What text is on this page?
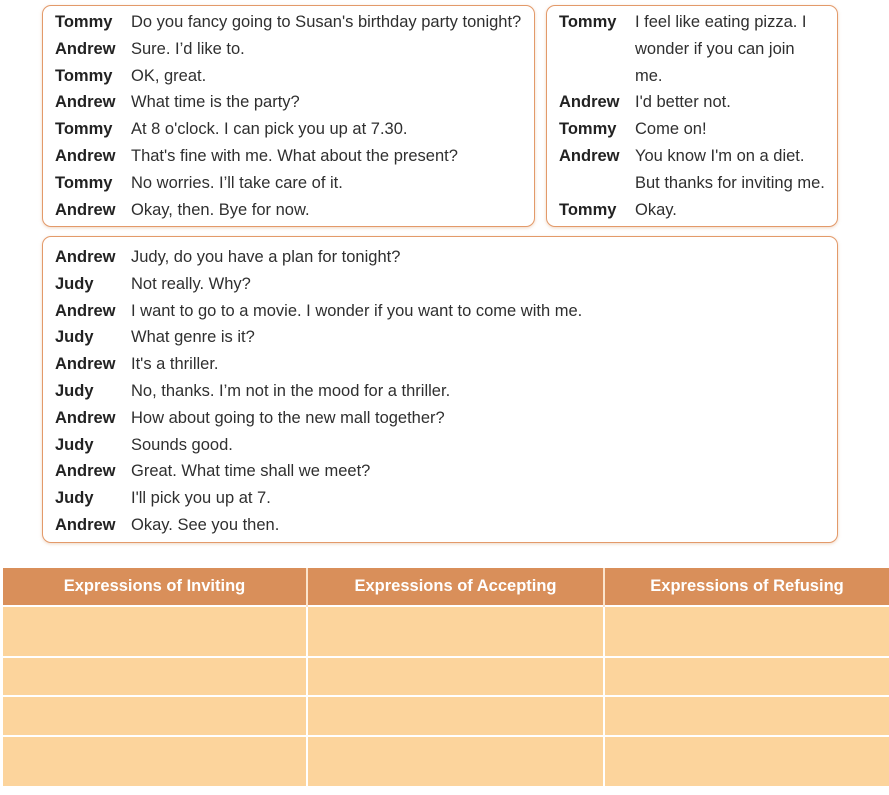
Tommy Do you fancy going to Susan's birthday party tonight?
Andrew Sure. I’d like to.
Tommy OK, great.
Andrew What time is the party?
Tommy At 8 o'clock. I can pick you up at 7.30.
Andrew That's fine with me. What about the present?
Tommy No worries. I’ll take care of it.
Andrew Okay, then. Bye for now.
Tommy I feel like eating pizza. I
wonder if you can join
me.
Andrew I'd better not.
Tommy Come on!
Andrew You know I'm on a diet.
But thanks for inviting me.
Tommy Okay.
Andrew Judy, do you have a plan for tonight?
Judy Not really. Why?
Andrew I want to go to a movie. I wonder if you want to come with me.
Judy What genre is it?
Andrew It's a thriller.
Judy No, thanks. I’m not in the mood for a thriller.
Andrew How about going to the new mall together?
Judy Sounds good.
Andrew Great. What time shall we meet?
Judy I'll pick you up at 7.
Andrew Okay. See you then.
Expressions of Inviting	Expressions of Accepting	Expressions of Refusing
